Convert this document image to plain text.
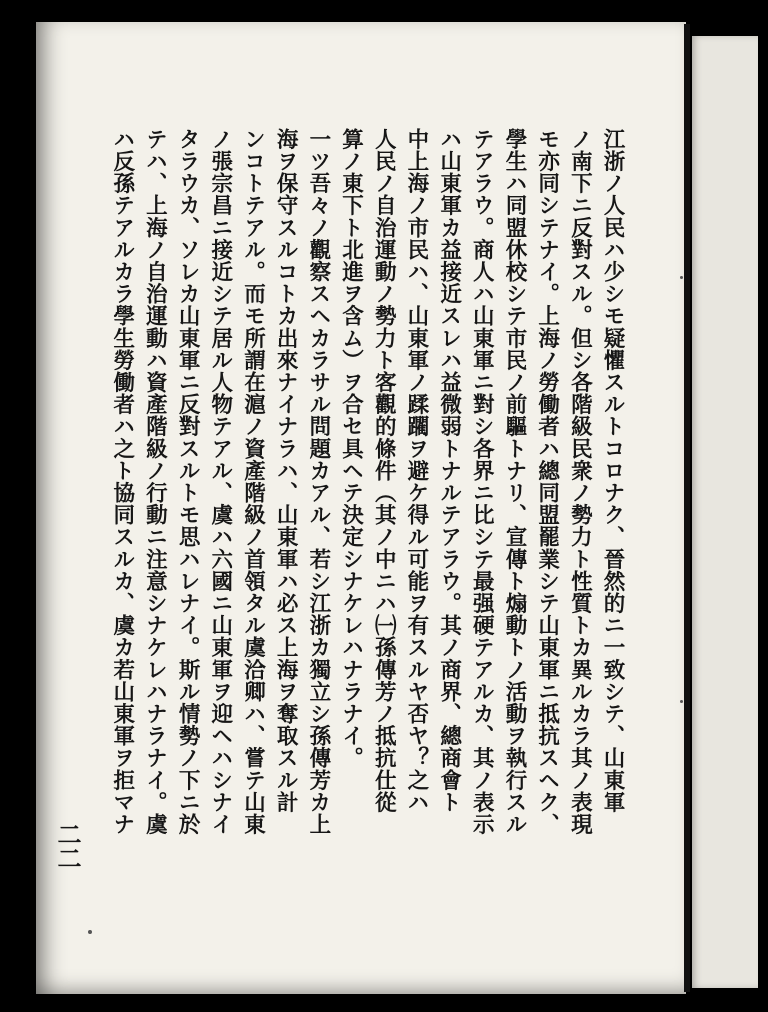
江浙ノ人民ハ少シモ疑懼スルトコロナク、晉然的ニ一致シテ、山東軍
ノ南下ニ反對スル。但シ各階級民衆ノ勢力ト性質トカ異ルカラ其ノ表現
モ亦同シテナイ。上海ノ勞働者ハ總同盟罷業シテ山東軍ニ抵抗スヘク、
學生ハ同盟休校シテ市民ノ前驅トナリ、宣傳ト煽動トノ活動ヲ執行スル
テアラウ。商人ハ山東軍ニ對シ各界ニ比シテ最强硬テアルカ、其ノ表示
ハ山東軍カ益接近スレハ益微弱トナルテアラウ。其ノ商界、總商會ト
中上海ノ市民ハ、山東軍ノ蹂躙ヲ避ケ得ル可能ヲ有スルヤ否ヤ？之ハ
人民ノ自治運動ノ勢力ト客觀的條件（其ノ中ニハ㈠孫傳芳ノ抵抗仕從
算ノ東下ト北進ヲ含ム）ヲ合セ具ヘテ決定シナケレハナラナイ。
一ツ吾々ノ觀察スヘカラサル問題カアル、若シ江浙カ獨立シ孫傳芳カ上
海ヲ保守スルコトカ出來ナイナラハ、山東軍ハ必ス上海ヲ奪取スル計
ンコトテアル。而モ所謂在滬ノ資產階級ノ首領タル虞洽卿ハ、嘗テ山東
ノ張宗昌ニ接近シテ居ル人物テアル、虞ハ六國ニ山東軍ヲ迎ヘハシナイ
タラウカ、ソレカ山東軍ニ反對スルトモ思ハレナイ。斯ル情勢ノ下ニ於
テハ、上海ノ自治運動ハ資產階級ノ行動ニ注意シナケレハナラナイ。虞
ハ反孫テアルカラ學生勞働者ハ之ト協同スルカ、虞カ若山東軍ヲ拒マナ
二二
